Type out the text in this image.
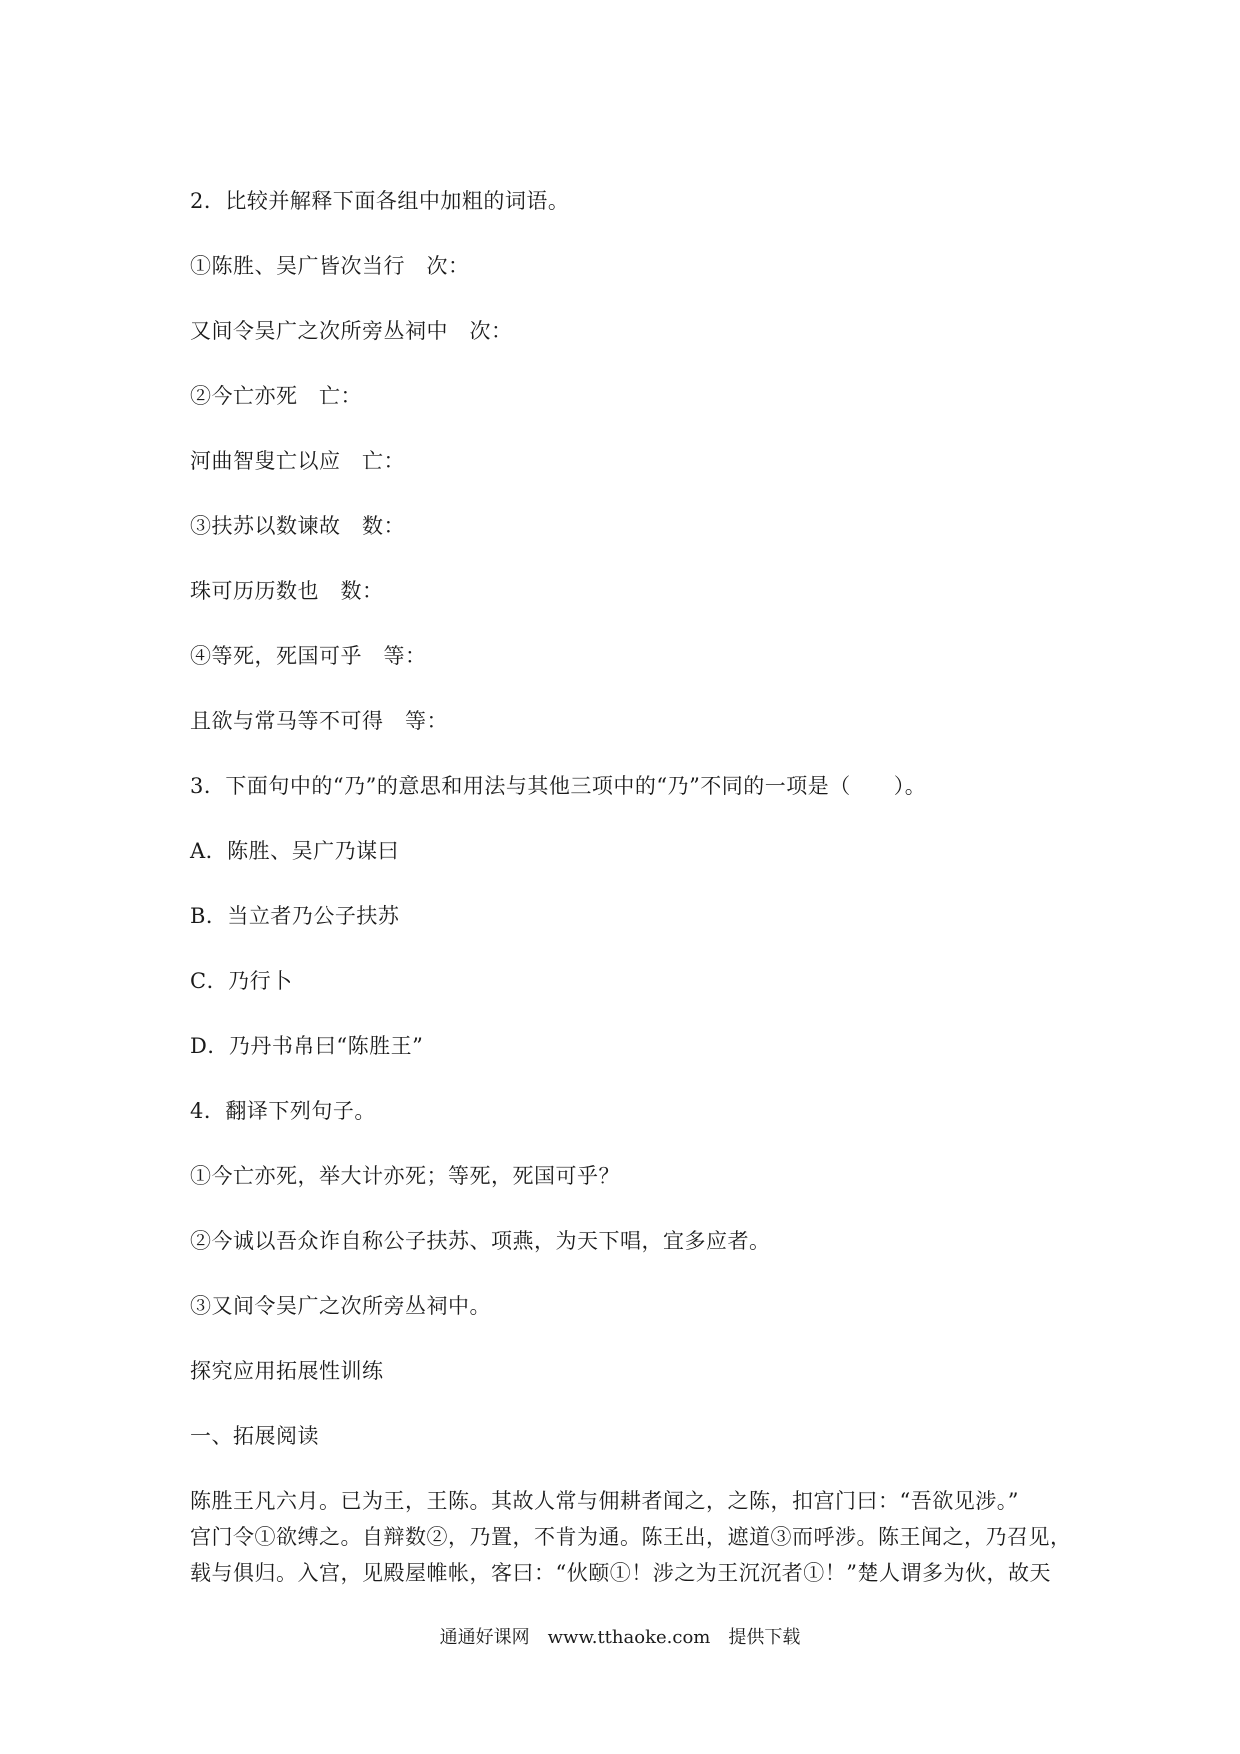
2．比较并解释下面各组中加粗的词语。
①陈胜、吴广皆次当行　次：
又间令吴广之次所旁丛祠中　次：
②今亡亦死　亡：
河曲智叟亡以应　亡：
③扶苏以数谏故　数：
珠可历历数也　数：
④等死，死国可乎　等：
且欲与常马等不可得　等：
3．下面句中的“乃”的意思和用法与其他三项中的“乃”不同的一项是（　　）。
A．陈胜、吴广乃谋曰
B．当立者乃公子扶苏
C．乃行卜
D．乃丹书帛曰“陈胜王”
4．翻译下列句子。
①今亡亦死，举大计亦死；等死，死国可乎？
②今诚以吾众诈自称公子扶苏、项燕，为天下唱，宜多应者。
③又间令吴广之次所旁丛祠中。
探究应用拓展性训练
一、拓展阅读
陈胜王凡六月。已为王，王陈。其故人常与佣耕者闻之，之陈，扣宫门曰：“吾欲见涉。”
宫门令①欲缚之。自辩数②，乃置，不肯为通。陈王出，遮道③而呼涉。陈王闻之，乃召见，
载与俱归。入宫，见殿屋帷帐，客曰：“伙颐①！涉之为王沉沉者①！”楚人谓多为伙，故天
通通好课网　www.tthaoke.com　提供下载
